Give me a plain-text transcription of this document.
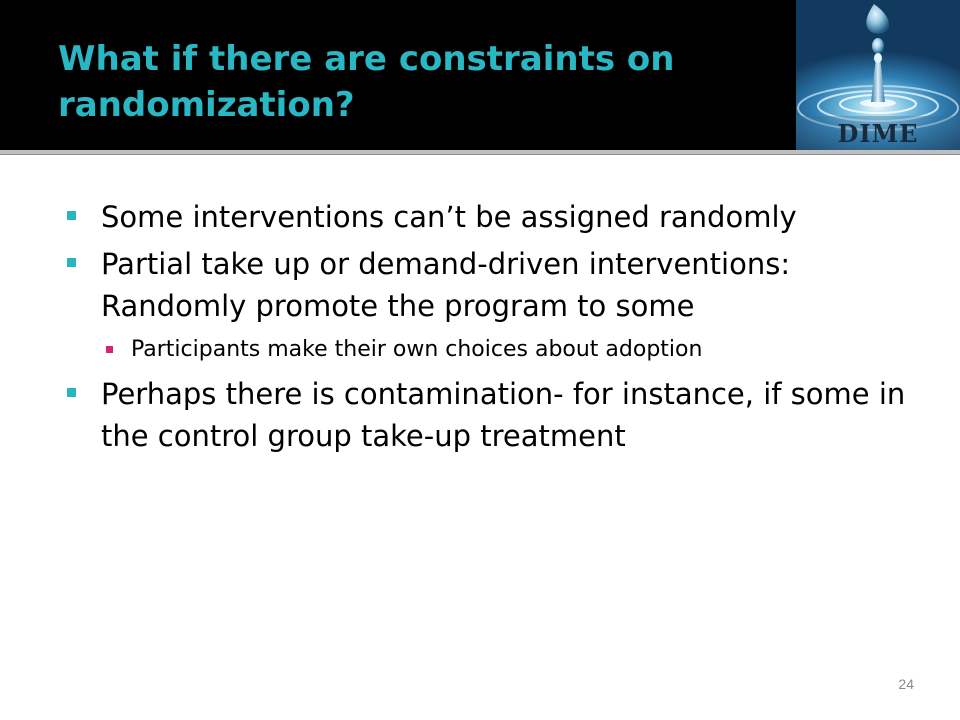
What if there are constraints on
randomization?
DIME
Some interventions can’t be assigned randomly
Partial take up or demand-driven interventions: Randomly promote the program to some
Participants make their own choices about adoption
Perhaps there is contamination- for instance, if some in the control group take-up treatment
24
